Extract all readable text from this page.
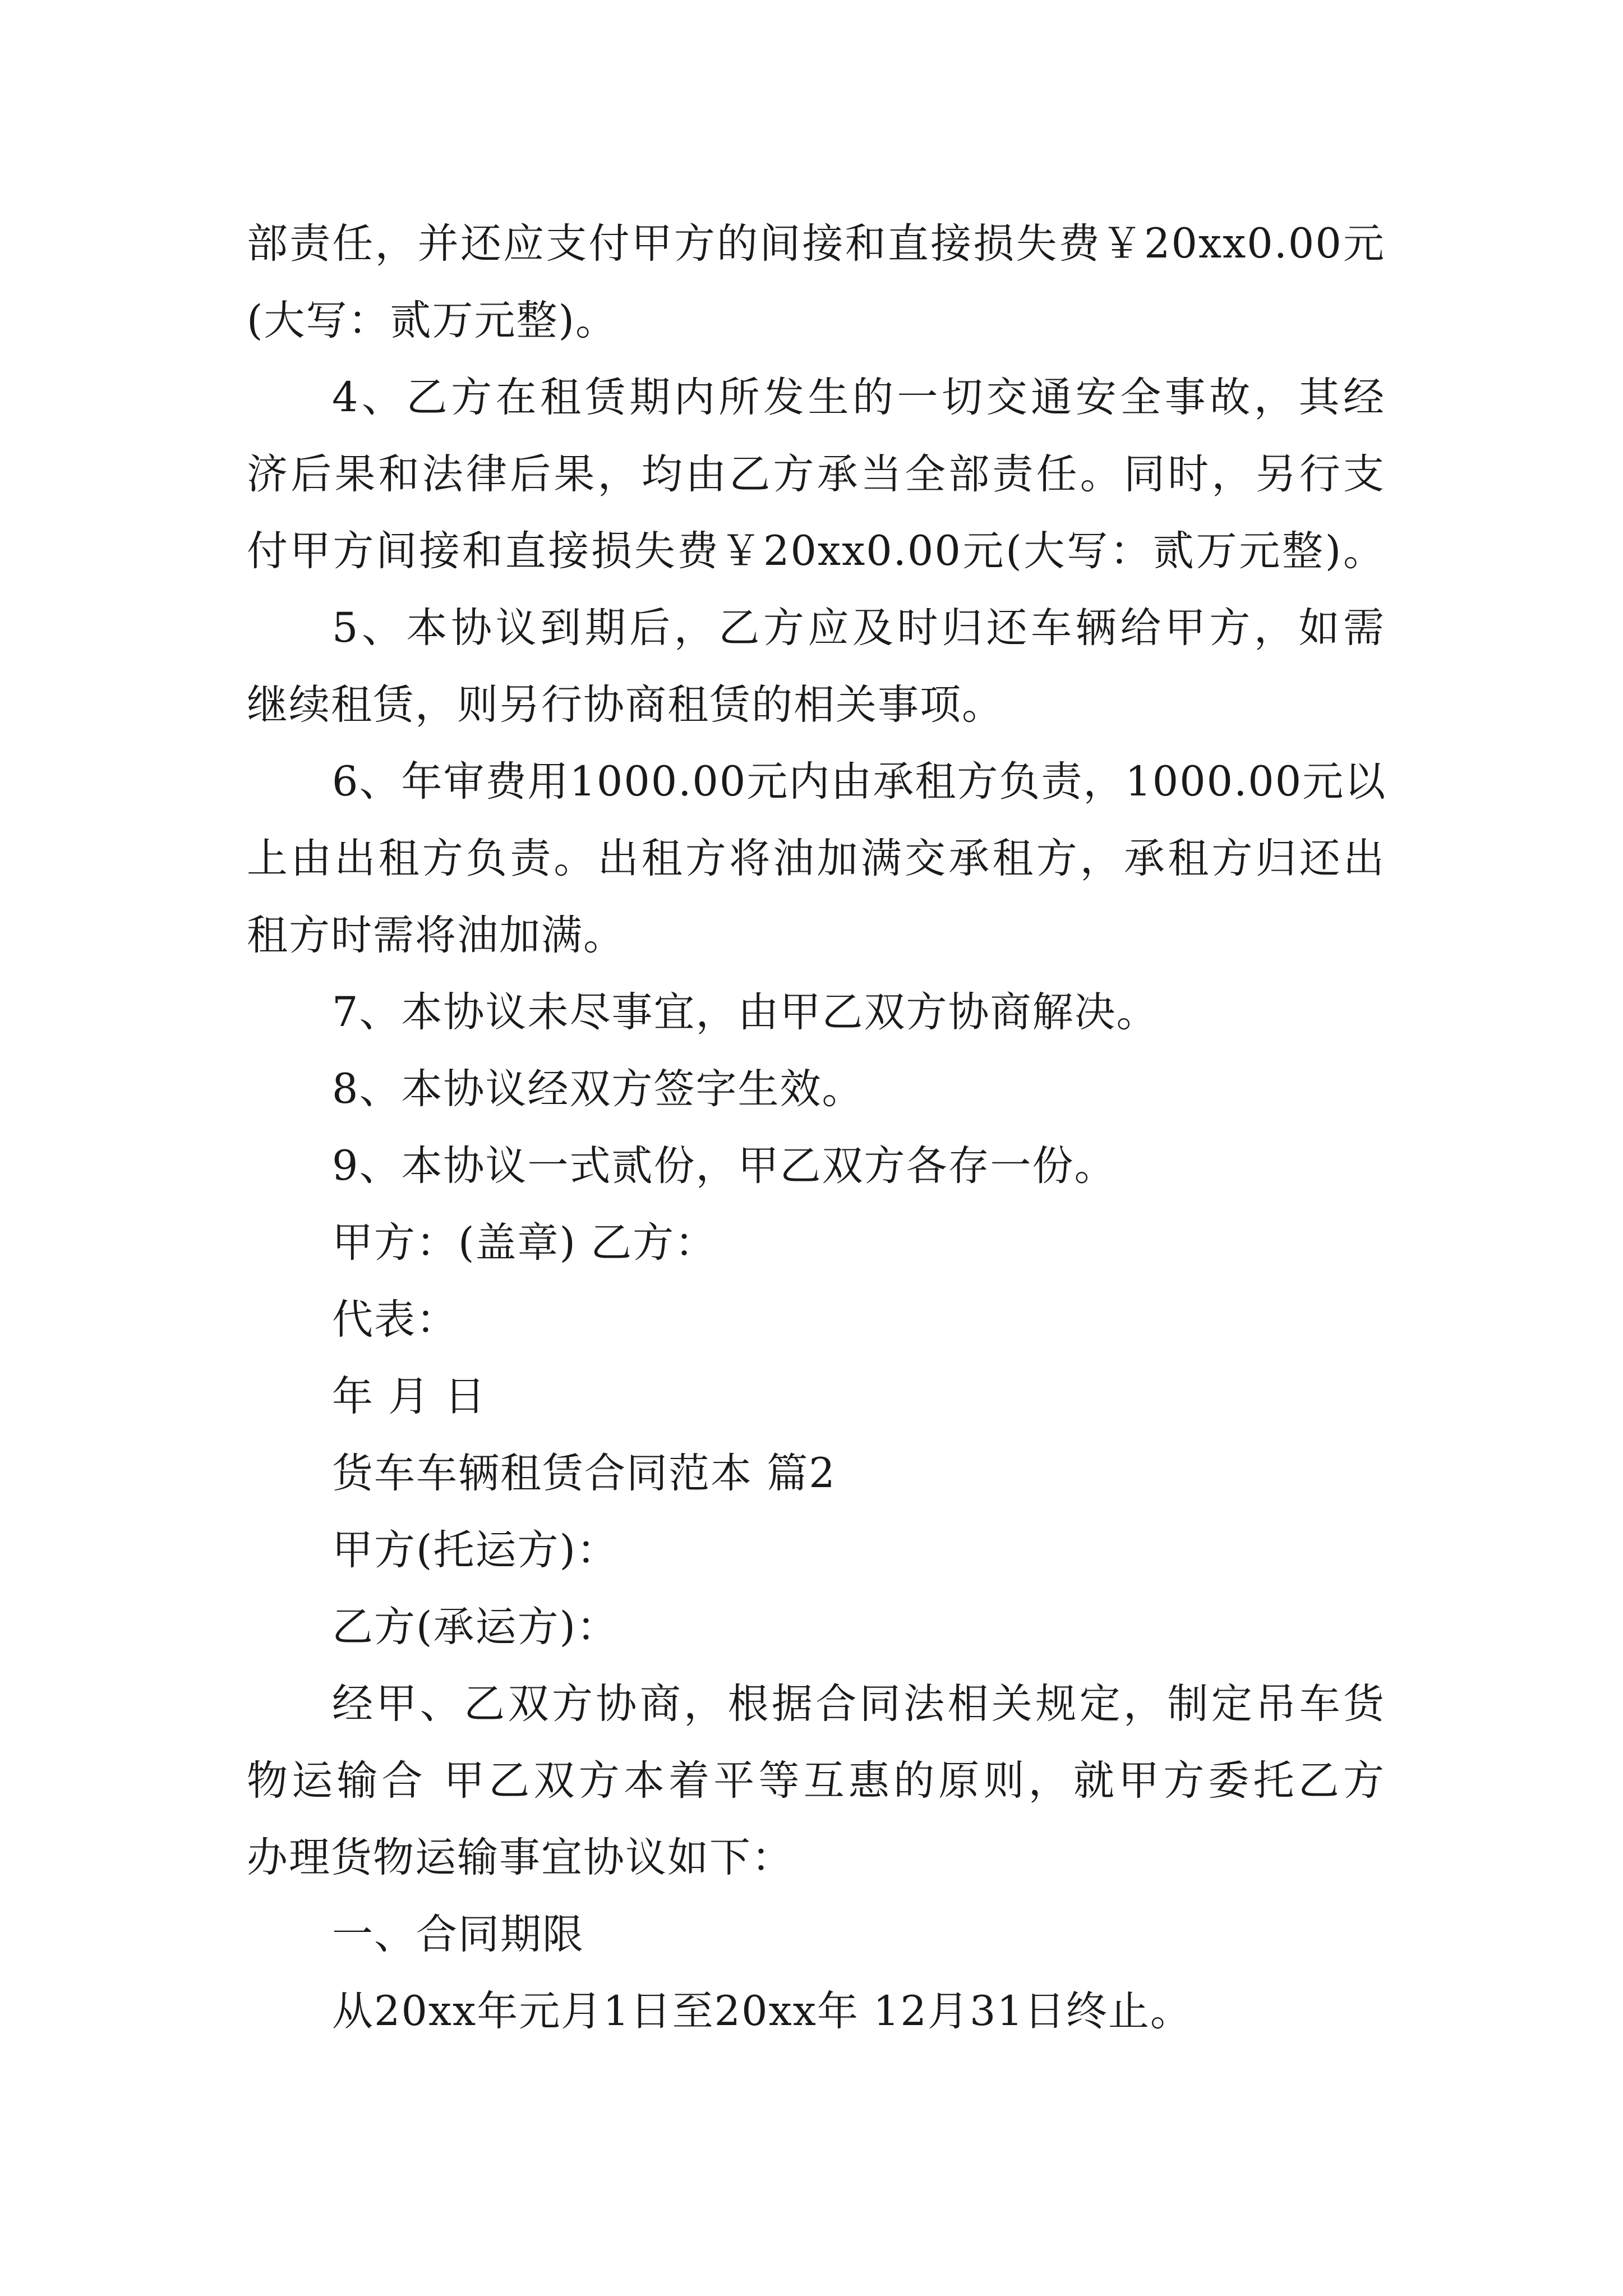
部责任，并还应支付甲方的间接和直接损失费￥20xx0.00元
(大写：贰万元整)。
4、乙方在租赁期内所发生的一切交通安全事故，其经
济后果和法律后果，均由乙方承当全部责任。同时，另行支
付甲方间接和直接损失费￥20xx0.00元(大写：贰万元整)。
5、本协议到期后，乙方应及时归还车辆给甲方，如需
继续租赁，则另行协商租赁的相关事项。
6、年审费用1000.00元内由承租方负责，1000.00元以
上由出租方负责。出租方将油加满交承租方，承租方归还出
租方时需将油加满。
7、本协议未尽事宜，由甲乙双方协商解决。
8、本协议经双方签字生效。
9、本协议一式贰份，甲乙双方各存一份。
甲方：(盖章) 乙方：
代表：
年 月 日
货车车辆租赁合同范本 篇2
甲方(托运方)：
乙方(承运方)：
经甲、乙双方协商，根据合同法相关规定，制定吊车货
物运输合 甲乙双方本着平等互惠的原则，就甲方委托乙方
办理货物运输事宜协议如下：
一、合同期限
从20xx年元月1日至20xx年 12月31日终止。
